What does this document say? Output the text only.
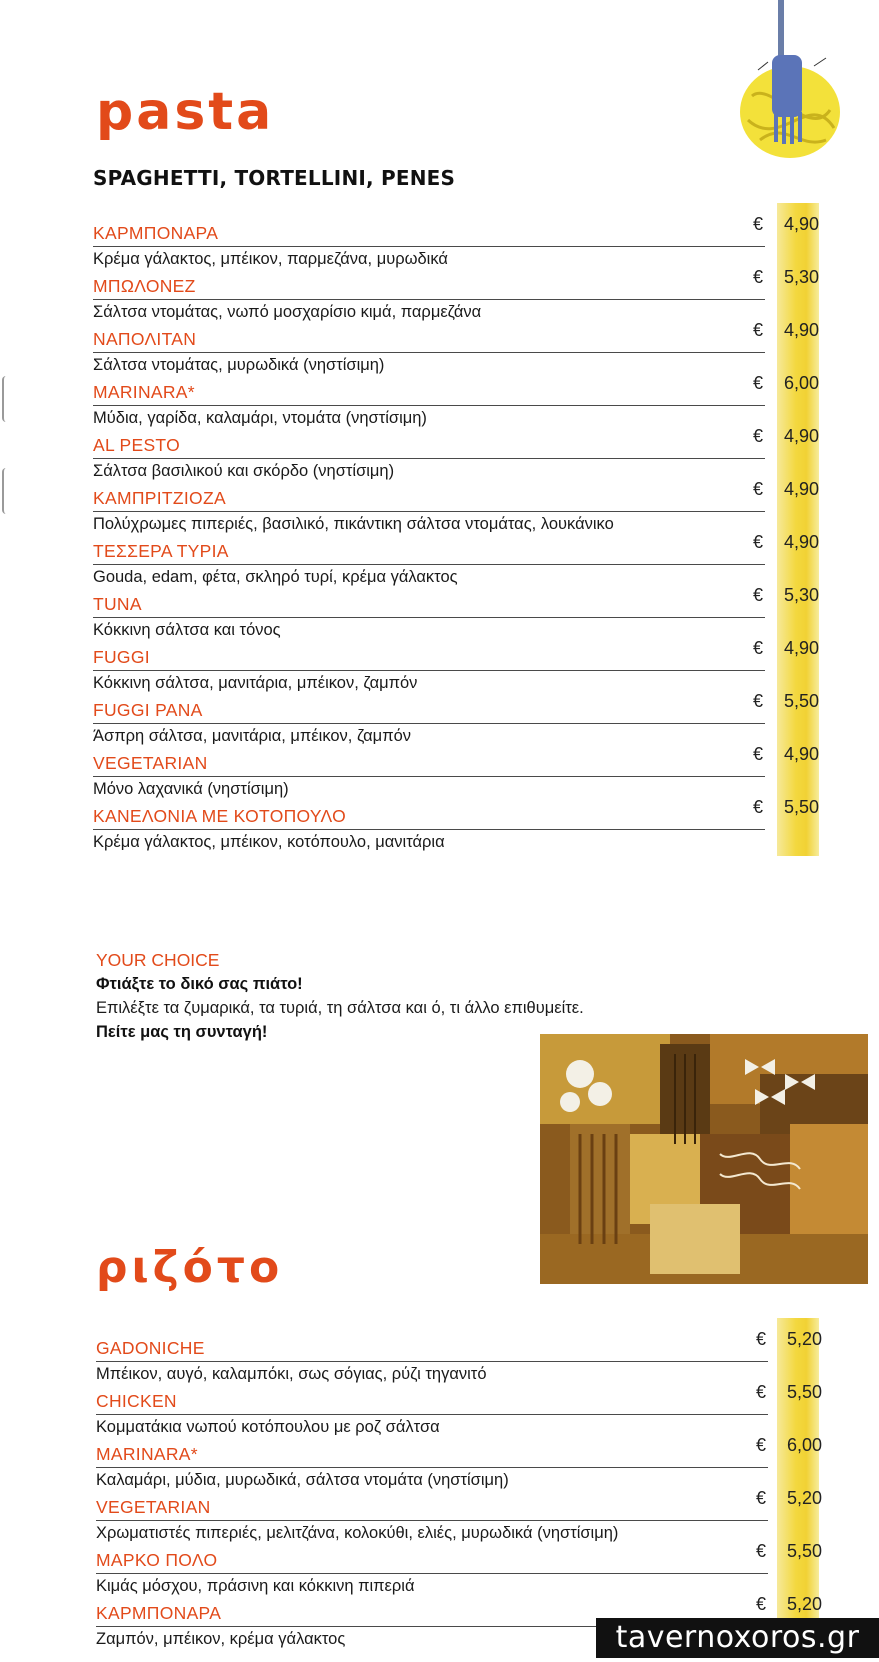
pasta
SPAGHETTI, TORTELLINI, PENES
ΚΑΡΜΠΟΝΑΡΑ	€ 4,90
Κρέμα γάλακτος, μπέικον, παρμεζάνα, μυρωδικά
ΜΠΩΛΟΝΕΖ	€ 5,30
Σάλτσα ντομάτας, νωπό μοσχαρίσιο κιμά, παρμεζάνα
ΝΑΠΟΛΙΤΑΝ	€ 4,90
Σάλτσα ντομάτας, μυρωδικά (νηστίσιμη)
MARINARA*	€ 6,00
Μύδια, γαρίδα, καλαμάρι, ντομάτα (νηστίσιμη)
AL PESTO	€ 4,90
Σάλτσα βασιλικού και σκόρδο (νηστίσιμη)
ΚΑΜΠΡΙΤΖΙΟΖΑ	€ 4,90
Πολύχρωμες πιπεριές, βασιλικό, πικάντικη σάλτσα ντομάτας, λουκάνικο
ΤΕΣΣΕΡΑ ΤΥΡΙΑ	€ 4,90
Gouda, edam, φέτα, σκληρό τυρί, κρέμα γάλακτος
TUNA	€ 5,30
Κόκκινη σάλτσα και τόνος
FUGGI	€ 4,90
Κόκκινη σάλτσα, μανιτάρια, μπέικον, ζαμπόν
FUGGI PANA	€ 5,50
Άσπρη σάλτσα, μανιτάρια, μπέικον, ζαμπόν
VEGETARIAN	€ 4,90
Μόνο λαχανικά (νηστίσιμη)
ΚΑΝΕΛΟΝΙΑ ΜΕ ΚΟΤΟΠΟΥΛΟ	€ 5,50
Κρέμα γάλακτος, μπέικον, κοτόπουλο, μανιτάρια
YOUR CHOICE
Φτιάξτε το δικό σας πιάτο!
Επιλέξτε τα ζυμαρικά, τα τυριά, τη σάλτσα και ό, τι άλλο επιθυμείτε.
Πείτε μας τη συνταγή!
ριζότο
GADONICHE	€ 5,20
Μπέικον, αυγό, καλαμπόκι, σως σόγιας, ρύζι τηγανιτό
CHICKEN	€ 5,50
Κομματάκια νωπού κοτόπουλου με ροζ σάλτσα
MARINARA*	€ 6,00
Καλαμάρι, μύδια, μυρωδικά, σάλτσα ντομάτα (νηστίσιμη)
VEGETARIAN	€ 5,20
Χρωματιστές πιπεριές, μελιτζάνα, κολοκύθι, ελιές, μυρωδικά (νηστίσιμη)
ΜΑΡΚΟ ΠΟΛΟ	€ 5,50
Κιμάς μόσχου, πράσινη και κόκκινη πιπεριά
ΚΑΡΜΠΟΝΑΡΑ	€ 5,20
Ζαμπόν, μπέικον, κρέμα γάλακτος	tavernoxoros.gr
